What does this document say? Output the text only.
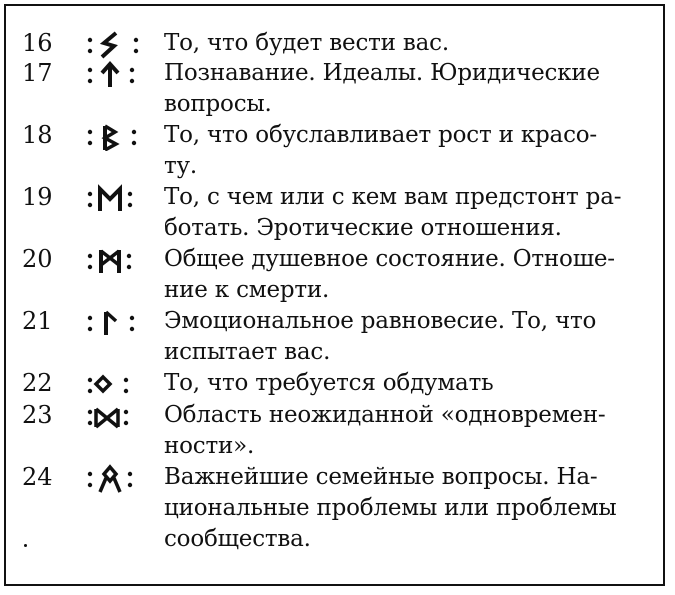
16	То, что будет вести вас.
17	Познавание. Идеалы. Юридические
вопросы.
18	То, что обуславливает рост и красо-
ту.
19	То, с чем или с кем вам предстонт ра-
ботать. Эротические отношения.
20	Общее душевное состояние. Отноше-
ние к смерти.
21	Эмоциональное равновесие. То, что
испытает вас.
22	То, что требуется обдумать
23	Область неожиданной «одновремен-
ности».
24	Важнейшие семейные вопросы. На-
циональные проблемы или проблемы
сообщества.
